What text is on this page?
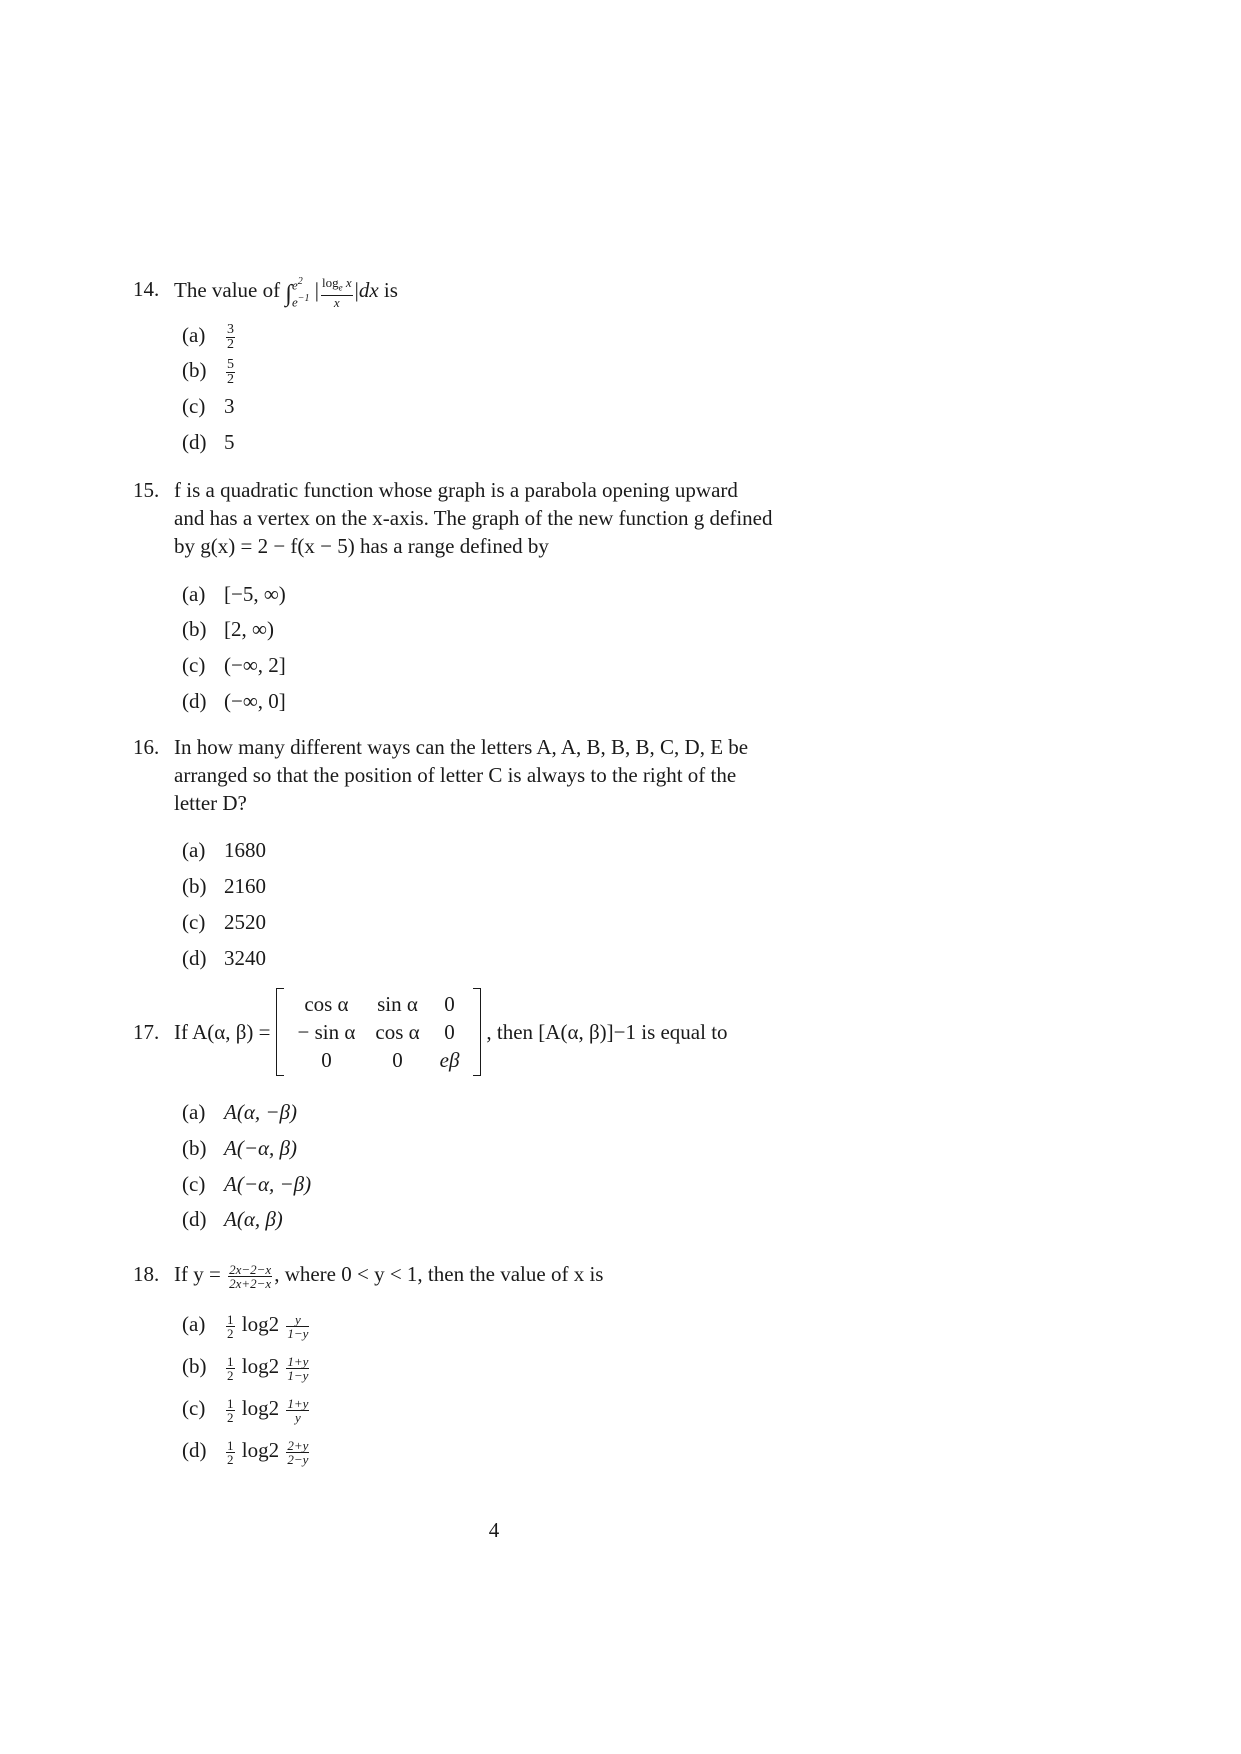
14. The value of ∫ $e^2$
$e^{-1}$ | $\frac{\log_e x}{x} |dx$ is
$(a) \frac{3}{2}$
$(b) \frac{5}{2}$
(c) 3
(d) 5
15. f is a quadratic function whose graph is a parabola opening upward
and has a vertex on the x-axis. The graph of the new function g defined
by g(x) = 2 − f(x − 5) has a range defined by
(a) [−5, ∞)
(b) [2, ∞)
(c) (−∞, 2]
(d) (−∞, 0]
16. In how many different ways can the letters A, A, B, B, B, C, D, E be
arranged so that the position of letter C is always to the right of the
letter D?
(a) 1680
(b) 2160
(c) 2520
(d) 3240
17. If A(α, β) =
cos α	sin α	0
− sin α	cos α	0
0	0	eβ
, then [A(α, β)]−1 is equal to
(a) A(α, −β)
(b) A(−α, β)
(c) A(−α, −β)
(d) A(α, β)
18. If $y = \frac{2x-2-x}{2x+2-x}$ , where 0 < y < 1, then the value of x is
$(a) \frac{1}{2} \log 2 \frac{y}{1-y}$
$(b) \frac{1}{2} \log 2 \frac{1+y}{1-y}$
$(c) \frac{1}{2} \log 2 \frac{1+y}{y}$
$(d) \frac{1}{2} \log 2 \frac{2+y}{2-y}$
4
